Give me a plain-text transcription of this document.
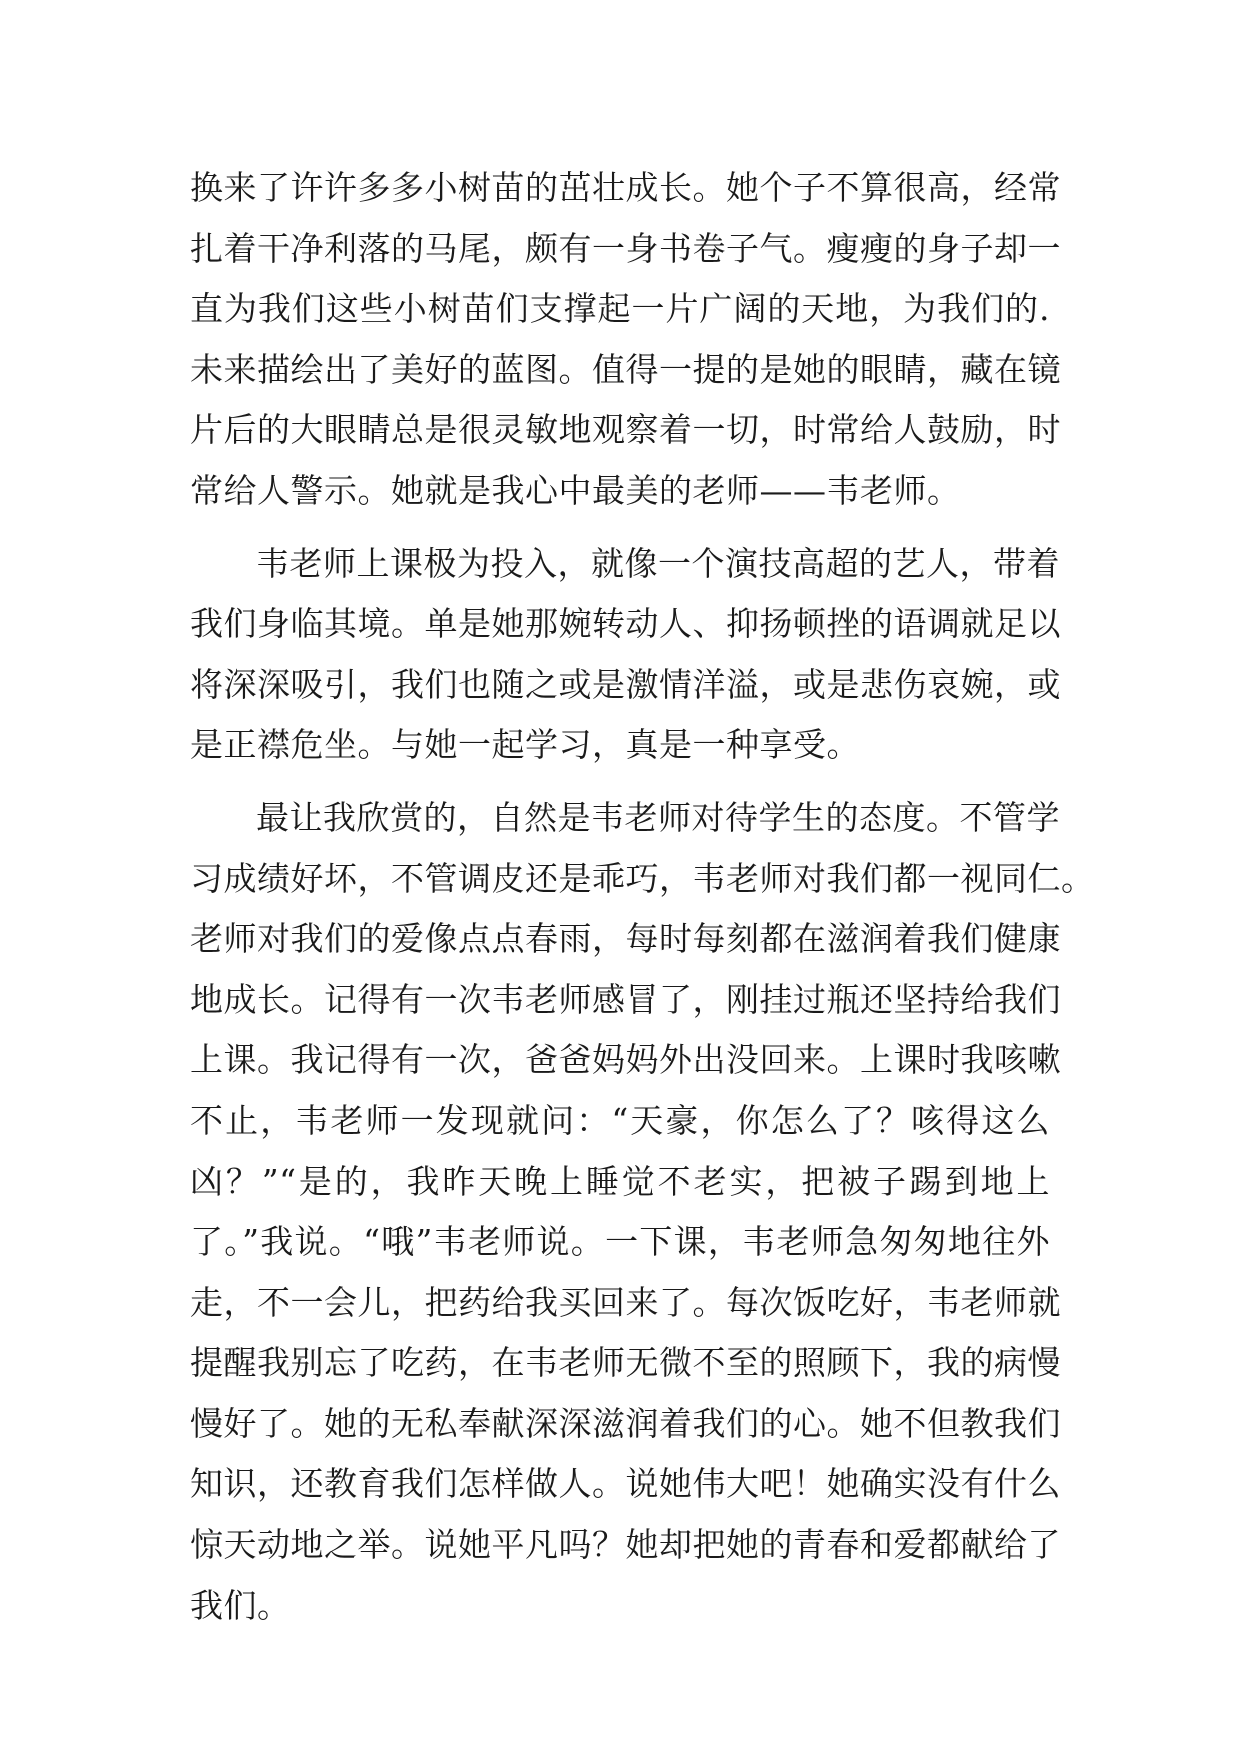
换来了许许多多小树苗的茁壮成长。她个子不算很高，经常
扎着干净利落的马尾，颇有一身书卷子气。瘦瘦的身子却一
直为我们这些小树苗们支撑起一片广阔的天地，为我们的.
未来描绘出了美好的蓝图。值得一提的是她的眼睛，藏在镜
片后的大眼睛总是很灵敏地观察着一切，时常给人鼓励，时
常给人警示。她就是我心中最美的老师——韦老师。
韦老师上课极为投入，就像一个演技高超的艺人，带着
我们身临其境。单是她那婉转动人、抑扬顿挫的语调就足以
将深深吸引，我们也随之或是激情洋溢，或是悲伤哀婉，或
是正襟危坐。与她一起学习，真是一种享受。
最让我欣赏的，自然是韦老师对待学生的态度。不管学
习成绩好坏，不管调皮还是乖巧，韦老师对我们都一视同仁。
老师对我们的爱像点点春雨，每时每刻都在滋润着我们健康
地成长。记得有一次韦老师感冒了，刚挂过瓶还坚持给我们
上课。我记得有一次，爸爸妈妈外出没回来。上课时我咳嗽
不止，韦老师一发现就问：“天豪，你怎么了？咳得这么
凶？”“是的，我昨天晚上睡觉不老实，把被子踢到地上
了。”我说。“哦”韦老师说。一下课，韦老师急匆匆地往外
走，不一会儿，把药给我买回来了。每次饭吃好，韦老师就
提醒我别忘了吃药，在韦老师无微不至的照顾下，我的病慢
慢好了。她的无私奉献深深滋润着我们的心。她不但教我们
知识，还教育我们怎样做人。说她伟大吧！她确实没有什么
惊天动地之举。说她平凡吗？她却把她的青春和爱都献给了
我们。
